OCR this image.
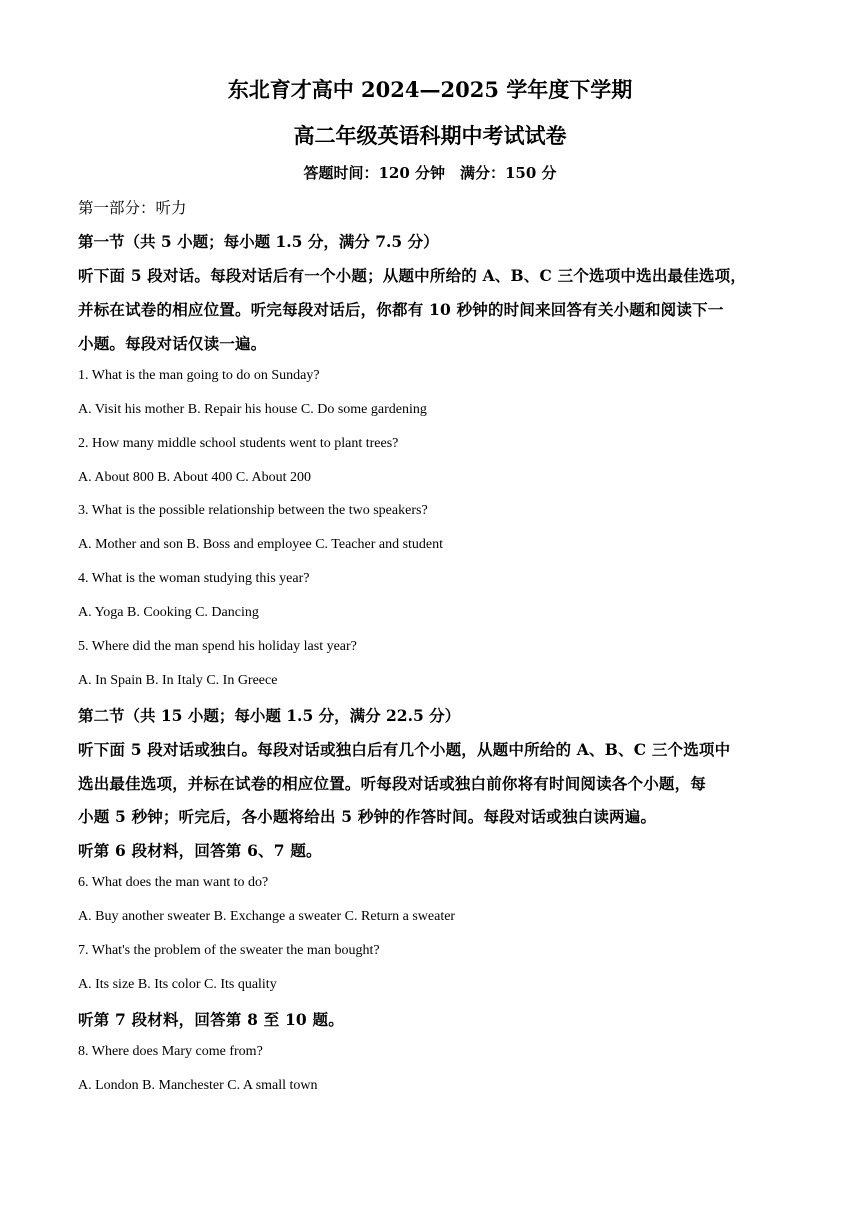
东北育才高中 2024—2025 学年度下学期
高二年级英语科期中考试试卷
答题时间：120 分钟　满分：150 分
第一部分：听力
第一节（共 5 小题；每小题 1.5 分，满分 7.5 分）
听下面 5 段对话。每段对话后有一个小题；从题中所给的 A、B、C 三个选项中选出最佳选项，
并标在试卷的相应位置。听完每段对话后，你都有 10 秒钟的时间来回答有关小题和阅读下一
小题。每段对话仅读一遍。
1. What is the man going to do on Sunday?
A. Visit his mother B. Repair his house C. Do some gardening
2. How many middle school students went to plant trees?
A. About 800 B. About 400 C. About 200
3. What is the possible relationship between the two speakers?
A. Mother and son B. Boss and employee C. Teacher and student
4. What is the woman studying this year?
A. Yoga B. Cooking C. Dancing
5. Where did the man spend his holiday last year?
A. In Spain B. In Italy C. In Greece
第二节（共 15 小题；每小题 1.5 分，满分 22.5 分）
听下面 5 段对话或独白。每段对话或独白后有几个小题，从题中所给的 A、B、C 三个选项中
选出最佳选项，并标在试卷的相应位置。听每段对话或独白前你将有时间阅读各个小题，每
小题 5 秒钟；听完后，各小题将给出 5 秒钟的作答时间。每段对话或独白读两遍。
听第 6 段材料，回答第 6、7 题。
6. What does the man want to do?
A. Buy another sweater B. Exchange a sweater C. Return a sweater
7. What's the problem of the sweater the man bought?
A. Its size B. Its color C. Its quality
听第 7 段材料，回答第 8 至 10 题。
8. Where does Mary come from?
A. London B. Manchester C. A small town
